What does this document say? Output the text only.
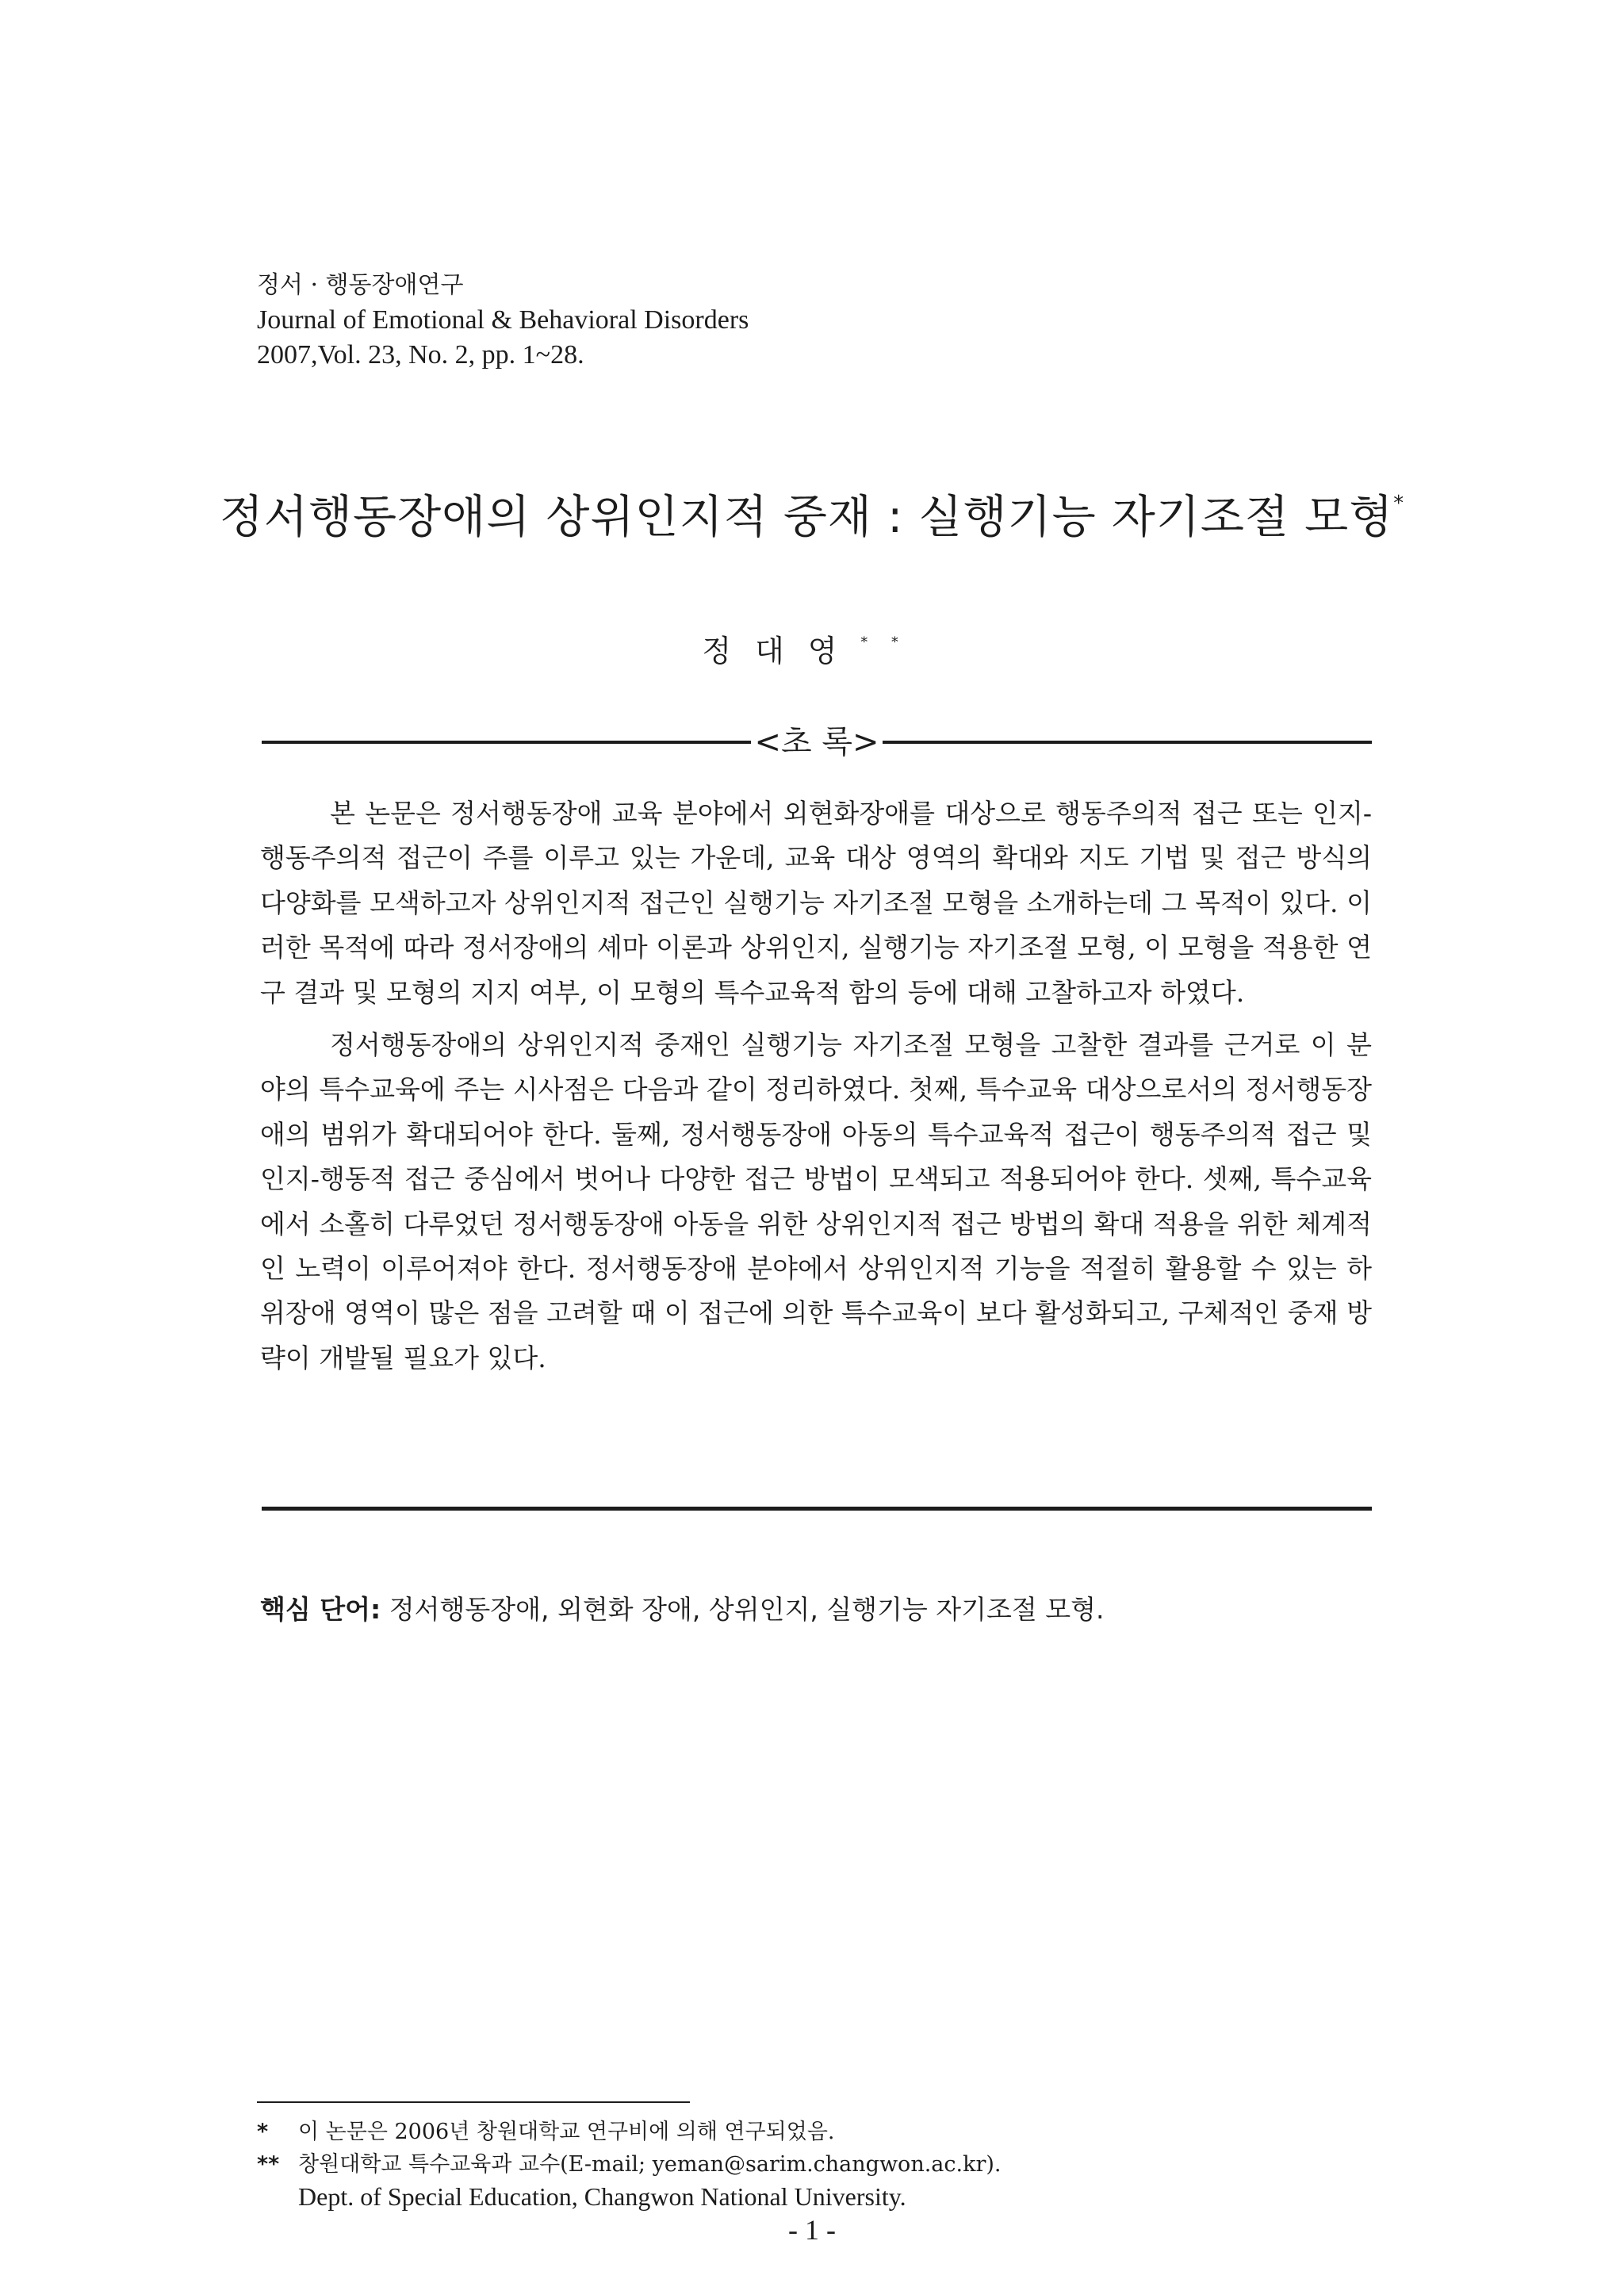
정서 · 행동장애연구
Journal of Emotional & Behavioral Disorders
2007,Vol. 23, No. 2, pp. 1~28.
정서행동장애의 상위인지적 중재 : 실행기능 자기조절 모형*
정대영**
<초 록>

본 논문은 정서행동장애 교육 분야에서 외현화장애를 대상으로 행동주의적 접근 또는 인지-행동주의적 접근이 주를 이루고 있는 가운데, 교육 대상 영역의 확대와 지도 기법 및 접근 방식의 다양화를 모색하고자 상위인지적 접근인 실행기능 자기조절 모형을 소개하는데 그 목적이 있다. 이러한 목적에 따라 정서장애의 셰마 이론과 상위인지, 실행기능 자기조절 모형, 이 모형을 적용한 연구 결과 및 모형의 지지 여부, 이 모형의 특수교육적 함의 등에 대해 고찰하고자 하였다.

정서행동장애의 상위인지적 중재인 실행기능 자기조절 모형을 고찰한 결과를 근거로 이 분야의 특수교육에 주는 시사점은 다음과 같이 정리하였다. 첫째, 특수교육 대상으로서의 정서행동장애의 범위가 확대되어야 한다. 둘째, 정서행동장애 아동의 특수교육적 접근이 행동주의적 접근 및 인지-행동적 접근 중심에서 벗어나 다양한 접근 방법이 모색되고 적용되어야 한다. 셋째, 특수교육에서 소홀히 다루었던 정서행동장애 아동을 위한 상위인지적 접근 방법의 확대 적용을 위한 체계적인 노력이 이루어져야 한다. 정서행동장애 분야에서 상위인지적 기능을 적절히 활용할 수 있는 하위장애 영역이 많은 점을 고려할 때 이 접근에 의한 특수교육이 보다 활성화되고, 구체적인 중재 방략이 개발될 필요가 있다.

핵심 단어: 정서행동장애, 외현화 장애, 상위인지, 실행기능 자기조절 모형.
* 이 논문은 2006년 창원대학교 연구비에 의해 연구되었음.
** 창원대학교 특수교육과 교수(E-mail; yeman@sarim.changwon.ac.kr).
Dept. of Special Education, Changwon National University.
- 1 -
